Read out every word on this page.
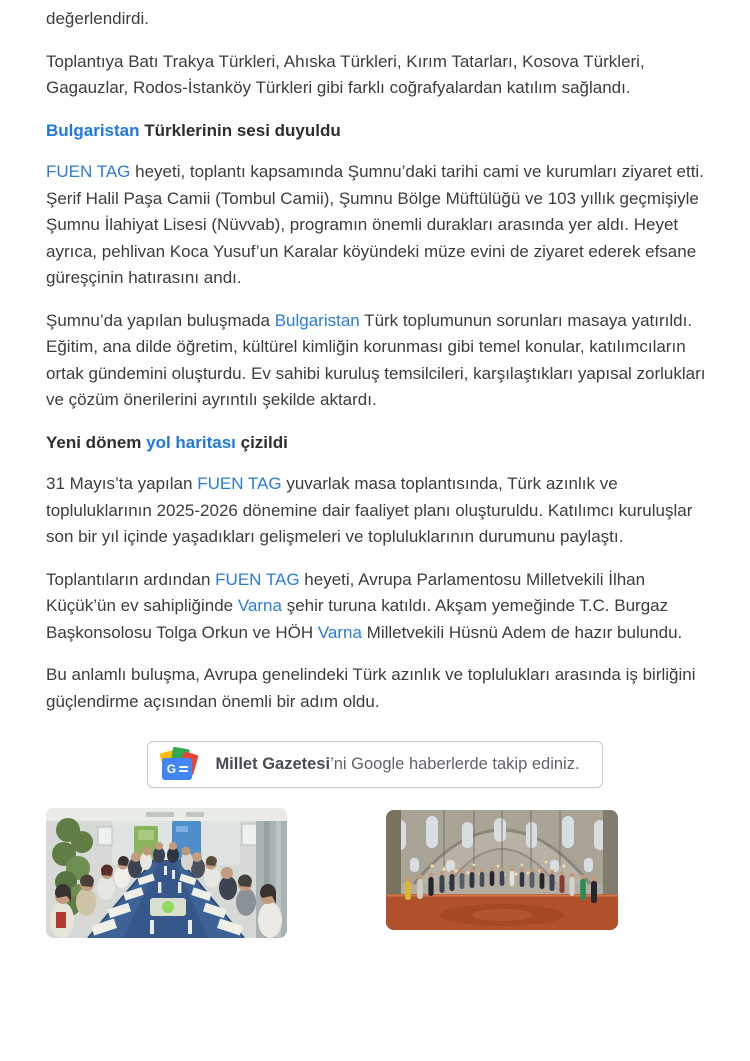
değerlendirdi.

Toplantıya Batı Trakya Türkleri, Ahıska Türkleri, Kırım Tatarları, Kosova Türkleri, Gagauzlar, Rodos-İstanköy Türkleri gibi farklı coğrafyalardan katılım sağlandı.

Bulgaristan Türklerinin sesi duyuldu

FUEN TAG heyeti, toplantı kapsamında Şumnu’daki tarihi cami ve kurumları ziyaret etti. Şerif Halil Paşa Camii (Tombul Camii), Şumnu Bölge Müftülüğü ve 103 yıllık geçmişiyle Şumnu İlahiyat Lisesi (Nüvvab), programın önemli durakları arasında yer aldı. Heyet ayrıca, pehlivan Koca Yusuf’un Karalar köyündeki müze evini de ziyaret ederek efsane güreşçinin hatırasını andı.

Şumnu’da yapılan buluşmada Bulgaristan Türk toplumunun sorunları masaya yatırıldı. Eğitim, ana dilde öğretim, kültürel kimliğin korunması gibi temel konular, katılımcıların ortak gündemini oluşturdu. Ev sahibi kuruluş temsilcileri, karşılaştıkları yapısal zorlukları ve çözüm önerilerini ayrıntılı şekilde aktardı.

Yeni dönem yol haritası çizildi

31 Mayıs’ta yapılan FUEN TAG yuvarlak masa toplantısında, Türk azınlık ve topluluklarının 2025-2026 dönemine dair faaliyet planı oluşturuldu. Katılımcı kuruluşlar son bir yıl içinde yaşadıkları gelişmeleri ve topluluklarının durumunu paylaştı.

Toplantıların ardından FUEN TAG heyeti, Avrupa Parlamentosu Milletvekili İlhan Küçük’ün ev sahipliğinde Varna şehir turuna katıldı. Akşam yemeğinde T.C. Burgaz Başkonsolosu Tolga Orkun ve HÖH Varna Milletvekili Hüsnü Adem de hazır bulundu.

Bu anlamlı buluşma, Avrupa genelindeki Türk azınlık ve toplulukları arasında iş birliğini güçlendirme açısından önemli bir adım oldu.

G Millet Gazetesi’ni Google haberlerde takip ediniz.
